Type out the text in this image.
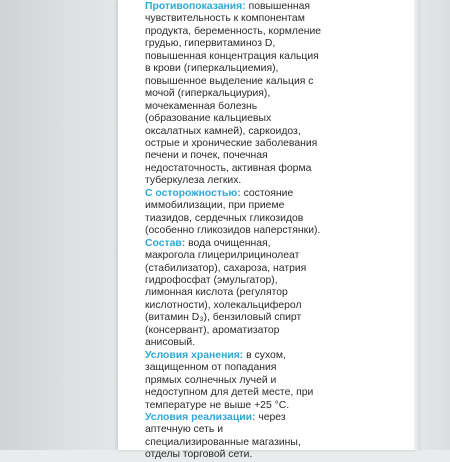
Противопоказания: повышенная
чувствительность к компонентам
продукта, беременность, кормление
грудью, гипервитаминоз D,
повышенная концентрация кальция
в крови (гиперкальциемия),
повышенное выделение кальция с
мочой (гиперкальциурия),
мочекаменная болезнь
(образование кальциевых
оксалатных камней), саркоидоз,
острые и хронические заболевания
печени и почек, почечная
недостаточность, активная форма
туберкулеза легких.
С осторожностью: состояние
иммобилизации, при приеме
тиазидов, сердечных гликозидов
(особенно гликозидов наперстянки).
Состав: вода очищенная,
макрогола глицерилрицинолеат
(стабилизатор), сахароза, натрия
гидрофосфат (эмульгатор),
лимонная кислота (регулятор
кислотности), холекальциферол
(витамин D₃), бензиловый спирт
(консервант), ароматизатор
анисовый.
Условия хранения: в сухом,
защищенном от попадания
прямых солнечных лучей и
недоступном для детей месте, при
температуре не выше +25 °С.
Условия реализации: через
аптечную сеть и
специализированные магазины,
отделы торговой сети.
